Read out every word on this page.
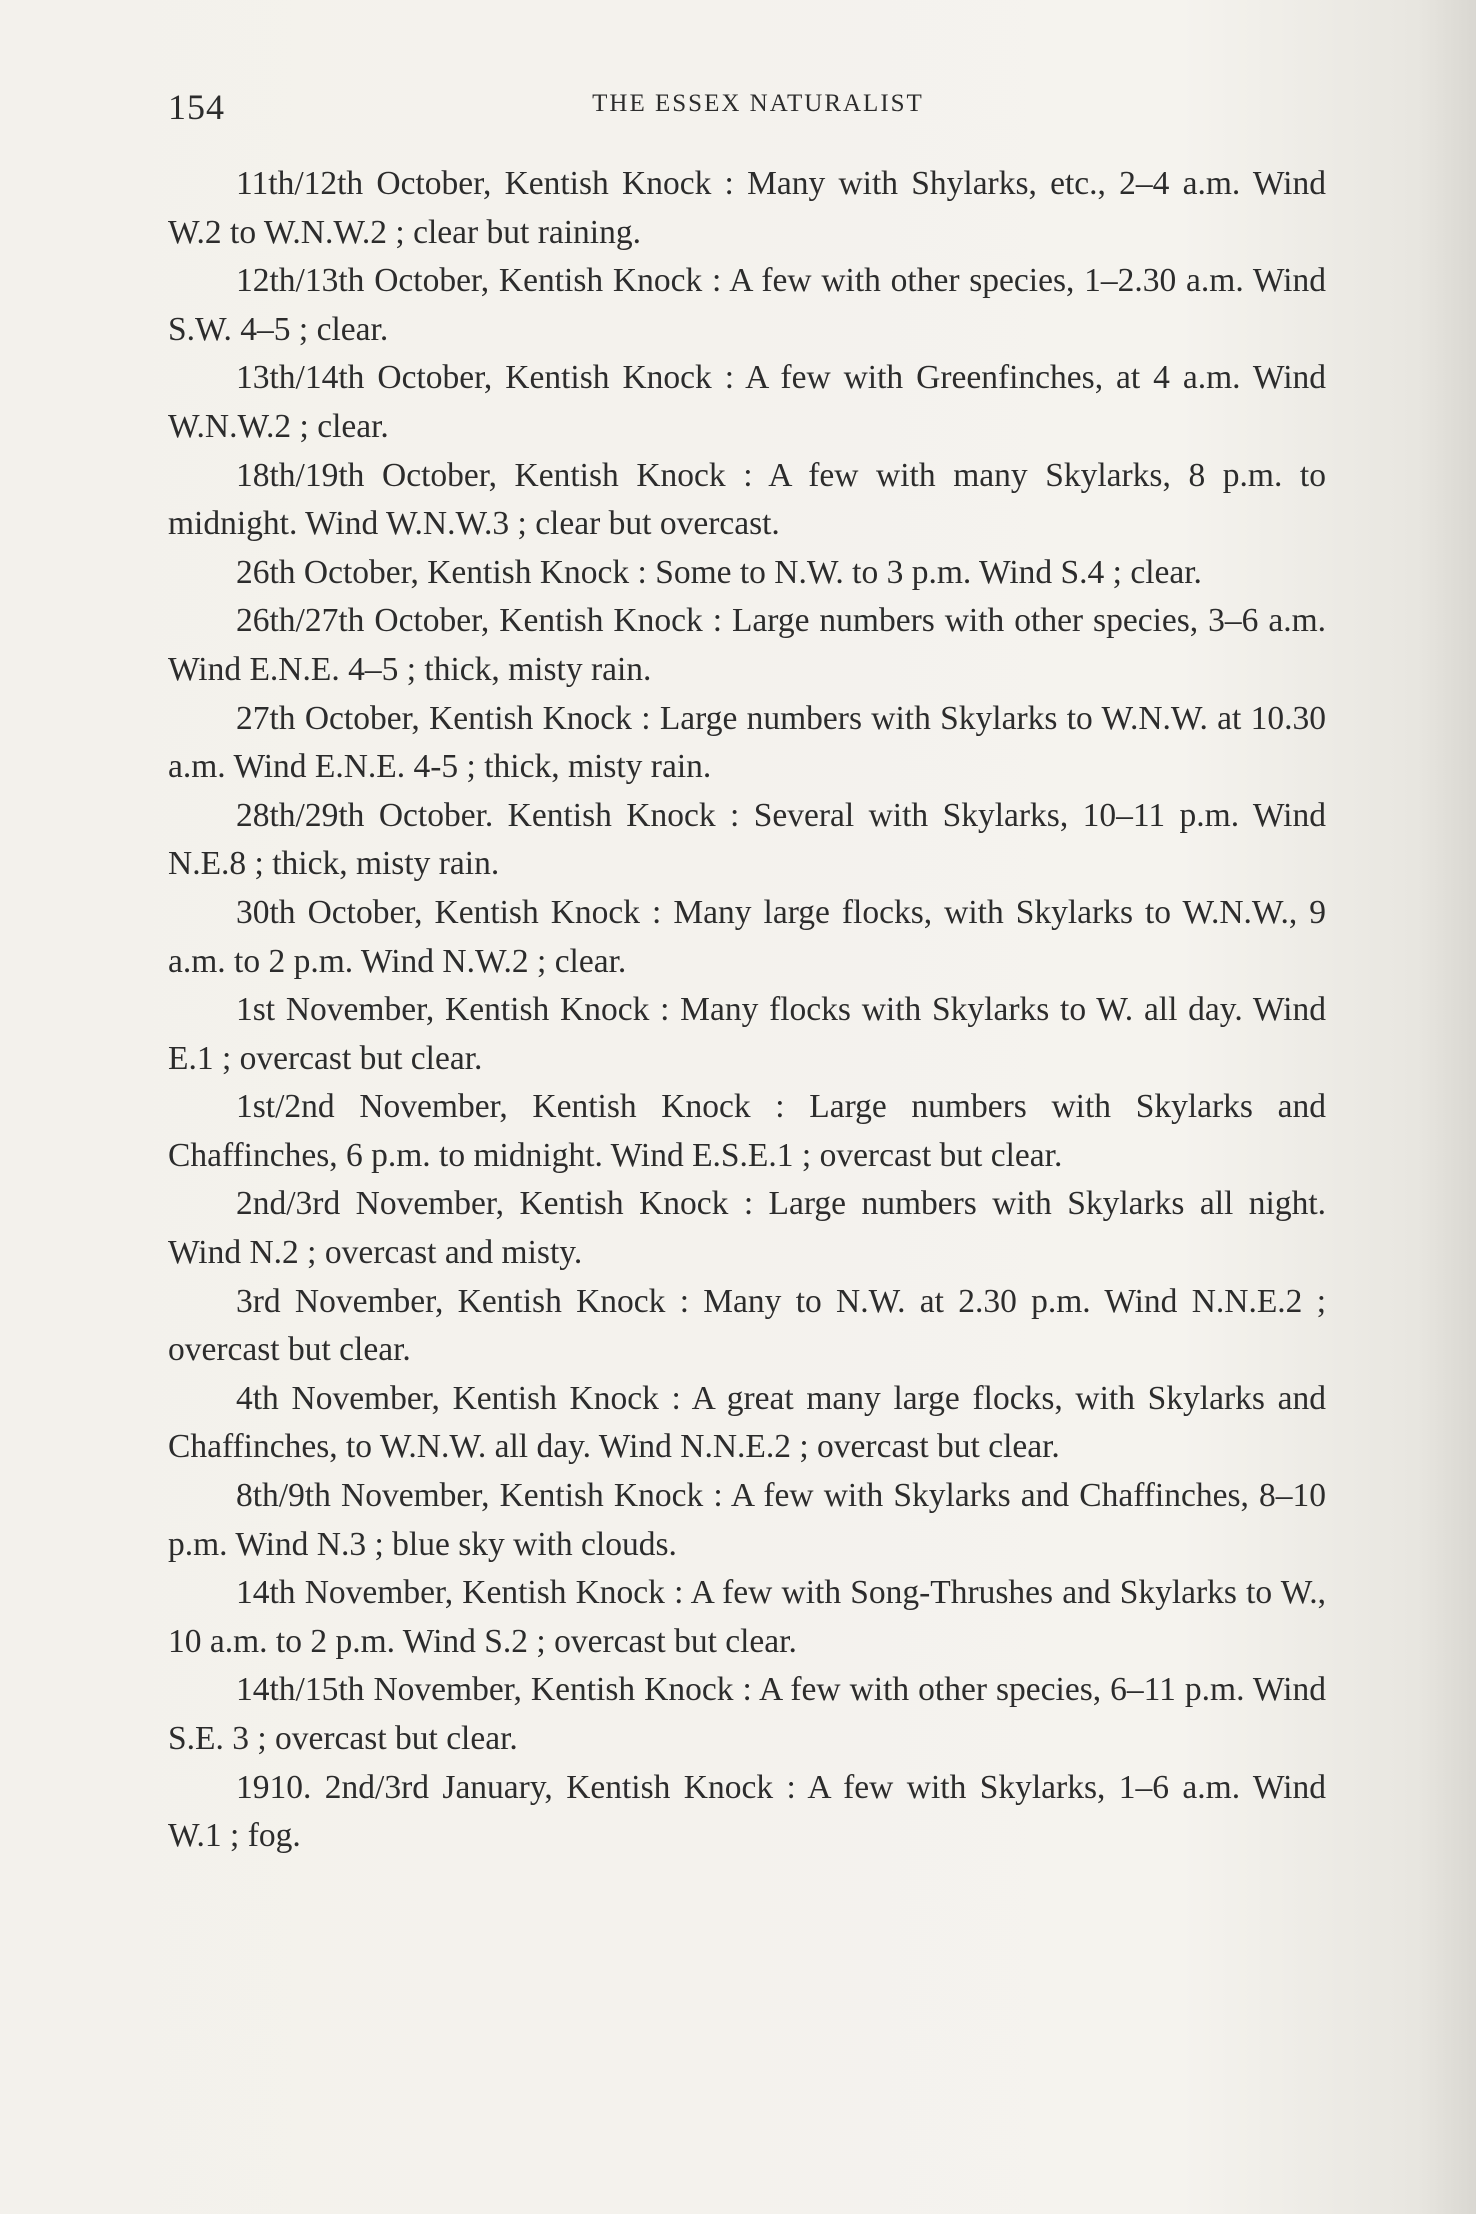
154	THE ESSEX NATURALIST

11th/12th October, Kentish Knock : Many with Shylarks, etc., 2–4 a.m. Wind W.2 to W.N.W.2 ; clear but raining.

12th/13th October, Kentish Knock : A few with other species, 1–2.30 a.m. Wind S.W. 4–5 ; clear.

13th/14th October, Kentish Knock : A few with Greenfinches, at 4 a.m. Wind W.N.W.2 ; clear.

18th/19th October, Kentish Knock : A few with many Skylarks, 8 p.m. to midnight. Wind W.N.W.3 ; clear but overcast.

26th October, Kentish Knock : Some to N.W. to 3 p.m. Wind S.4 ; clear.

26th/27th October, Kentish Knock : Large numbers with other species, 3–6 a.m. Wind E.N.E. 4–5 ; thick, misty rain.

27th October, Kentish Knock : Large numbers with Skylarks to W.N.W. at 10.30 a.m. Wind E.N.E. 4-5 ; thick, misty rain.

28th/29th October. Kentish Knock : Several with Skylarks, 10–11 p.m. Wind N.E.8 ; thick, misty rain.

30th October, Kentish Knock : Many large flocks, with Skylarks to W.N.W., 9 a.m. to 2 p.m. Wind N.W.2 ; clear.

1st November, Kentish Knock : Many flocks with Skylarks to W. all day. Wind E.1 ; overcast but clear.

1st/2nd November, Kentish Knock : Large numbers with Skylarks and Chaffinches, 6 p.m. to midnight. Wind E.S.E.1 ; overcast but clear.

2nd/3rd November, Kentish Knock : Large numbers with Skylarks all night. Wind N.2 ; overcast and misty.

3rd November, Kentish Knock : Many to N.W. at 2.30 p.m. Wind N.N.E.2 ; overcast but clear.

4th November, Kentish Knock : A great many large flocks, with Skylarks and Chaffinches, to W.N.W. all day. Wind N.N.E.2 ; overcast but clear.

8th/9th November, Kentish Knock : A few with Skylarks and Chaffinches, 8–10 p.m. Wind N.3 ; blue sky with clouds.

14th November, Kentish Knock : A few with Song-Thrushes and Skylarks to W., 10 a.m. to 2 p.m. Wind S.2 ; overcast but clear.

14th/15th November, Kentish Knock : A few with other species, 6–11 p.m. Wind S.E. 3 ; overcast but clear.

1910. 2nd/3rd January, Kentish Knock : A few with Skylarks, 1–6 a.m. Wind W.1 ; fog.
